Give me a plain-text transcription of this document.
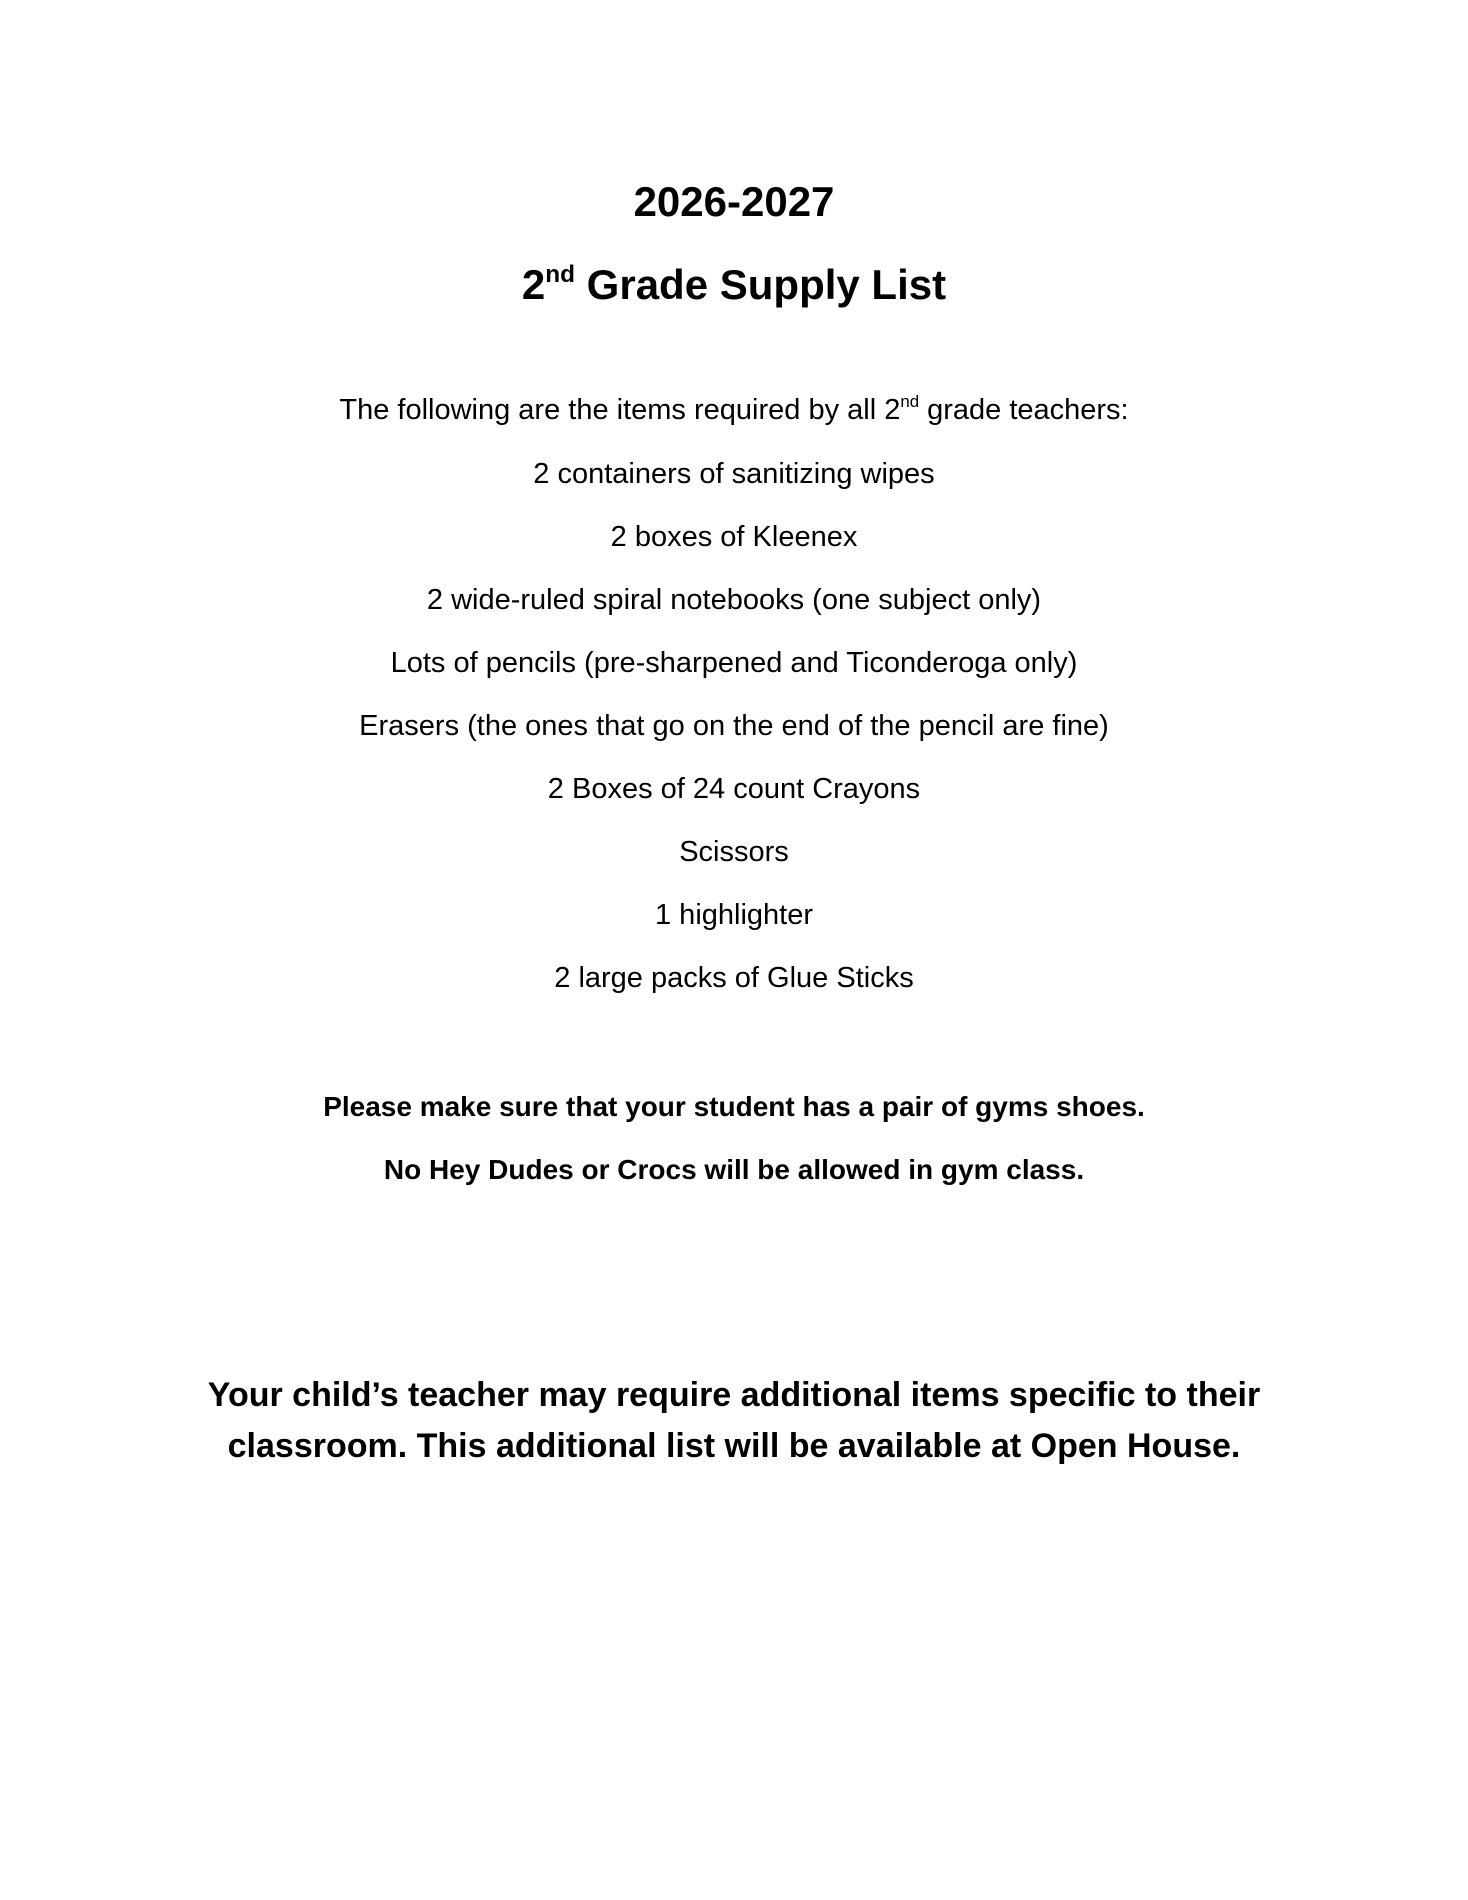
2026-2027
2nd Grade Supply List
The following are the items required by all 2nd grade teachers:
2 containers of sanitizing wipes
2 boxes of Kleenex
2 wide-ruled spiral notebooks (one subject only)
Lots of pencils (pre-sharpened and Ticonderoga only)
Erasers (the ones that go on the end of the pencil are fine)
2 Boxes of 24 count Crayons
Scissors
1 highlighter
2 large packs of Glue Sticks
Please make sure that your student has a pair of gyms shoes.
No Hey Dudes or Crocs will be allowed in gym class.
Your child’s teacher may require additional items specific to their
classroom. This additional list will be available at Open House.
